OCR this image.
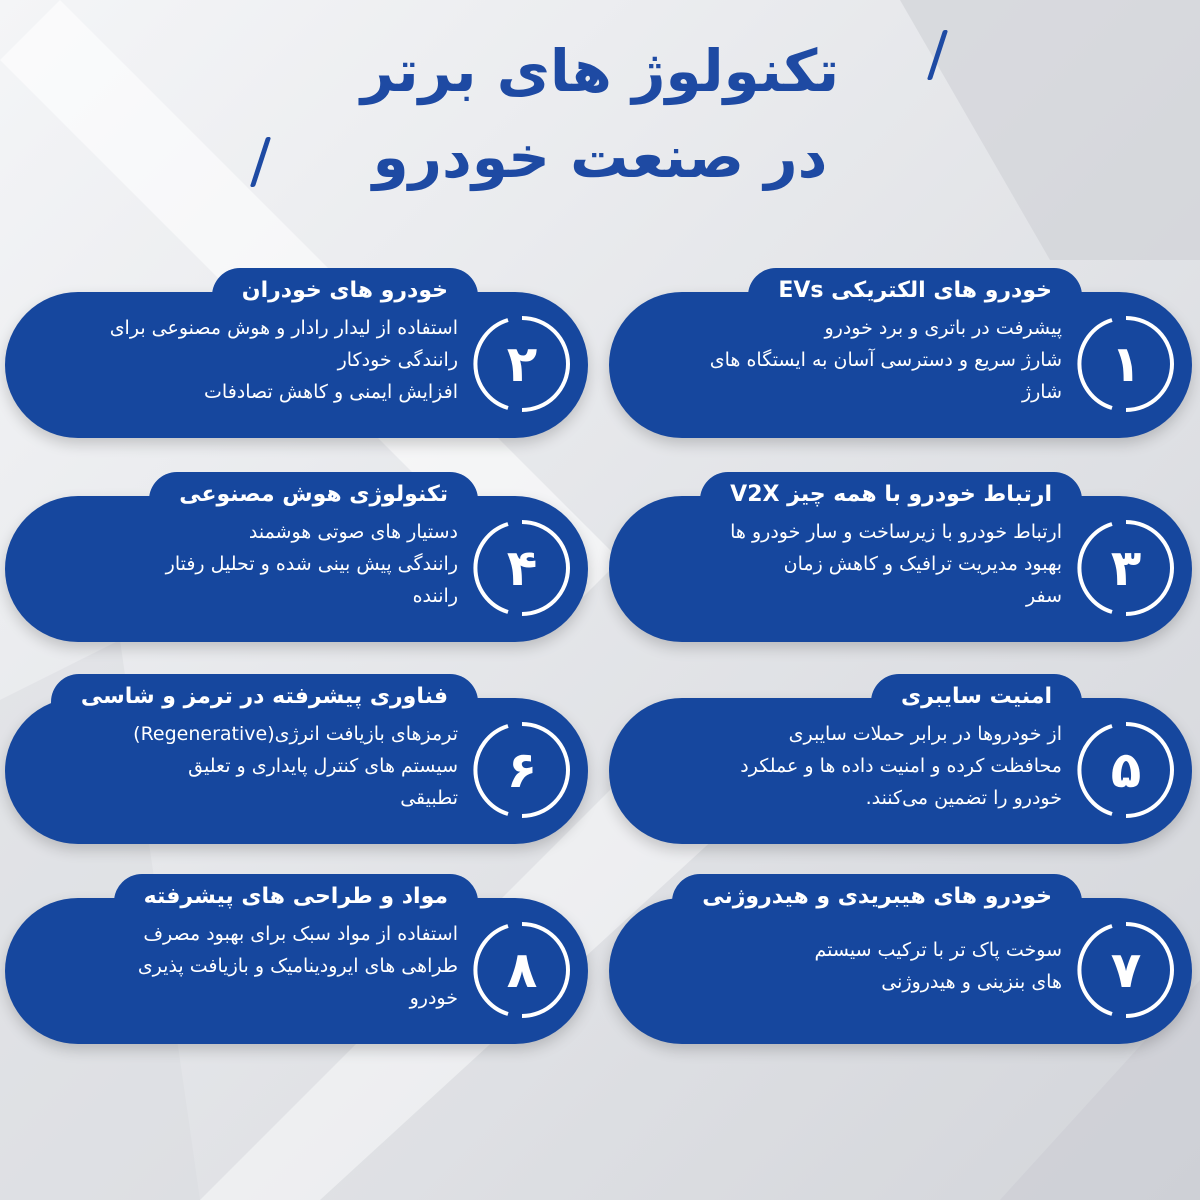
تکنولوژ های برتر
در صنعت خودرو
خودرو های الکتریکی EVs
۱
پیشرفت در باتری و برد خودرو
شارژ سریع و دسترسی آسان به ایستگاه های
شارژ
خودرو های خودران
۲
استفاده از لیدار رادار و هوش مصنوعی برای
رانندگی خودکار
افزایش ایمنی و کاهش تصادفات
ارتباط خودرو با همه چیز V2X
۳
ارتباط خودرو با زیرساخت و سار خودرو ها
بهبود مدیریت ترافیک و کاهش زمان
سفر
تکنولوژی هوش مصنوعی
۴
دستیار های صوتی هوشمند
رانندگی پیش بینی شده و تحلیل رفتار
راننده
امنیت سایبری
۵
از خودروها در برابر حملات سایبری
محافظت کرده و امنیت داده ها و عملکرد
خودرو را تضمین می‌کنند.
فناوری پیشرفته در ترمز و شاسی
۶
ترمزهای بازیافت انرژی(Regenerative)
سیستم های کنترل پایداری و تعلیق
تطبیقی
خودرو های هیبریدی و هیدروژنی
۷
سوخت پاک تر با ترکیب سیستم
های بنزینی و هیدروژنی
مواد و طراحی های پیشرفته
۸
استفاده از مواد سبک برای بهبود مصرف
طراهی های ایرودینامیک و بازیافت پذیری
خودرو
